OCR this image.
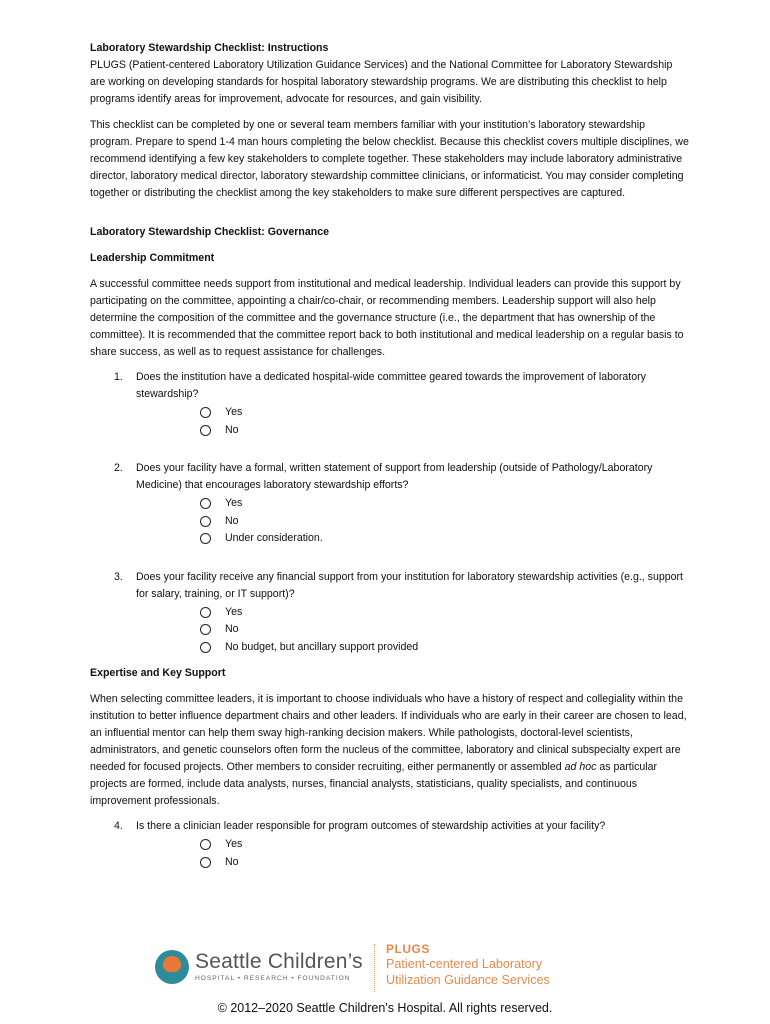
Laboratory Stewardship Checklist: Instructions

PLUGS (Patient-centered Laboratory Utilization Guidance Services) and the National Committee for Laboratory Stewardship are working on developing standards for hospital laboratory stewardship programs. We are distributing this checklist to help programs identify areas for improvement, advocate for resources, and gain visibility.

This checklist can be completed by one or several team members familiar with your institution’s laboratory stewardship program. Prepare to spend 1-4 man hours completing the below checklist. Because this checklist covers multiple disciplines, we recommend identifying a few key stakeholders to complete together. These stakeholders may include laboratory administrative director, laboratory medical director, laboratory stewardship committee clinicians, or informaticist. You may consider completing together or distributing the checklist among the key stakeholders to make sure different perspectives are captured.

Laboratory Stewardship Checklist: Governance

Leadership Commitment

A successful committee needs support from institutional and medical leadership. Individual leaders can provide this support by participating on the committee, appointing a chair/co-chair, or recommending members. Leadership support will also help determine the composition of the committee and the governance structure (i.e., the department that has ownership of the committee). It is recommended that the committee report back to both institutional and medical leadership on a regular basis to share success, as well as to request assistance for challenges.

1. Does the institution have a dedicated hospital-wide committee geared towards the improvement of laboratory stewardship?

Yes
No
2. Does your facility have a formal, written statement of support from leadership (outside of Pathology/Laboratory Medicine) that encourages laboratory stewardship efforts?

Yes
No
Under consideration.
3. Does your facility receive any financial support from your institution for laboratory stewardship activities (e.g., support for salary, training, or IT support)?

Yes
No
No budget, but ancillary support provided

Expertise and Key Support

When selecting committee leaders, it is important to choose individuals who have a history of respect and collegiality within the institution to better influence department chairs and other leaders. If individuals who are early in their career are chosen to lead, an influential mentor can help them sway high-ranking decision makers. While pathologists, doctoral-level scientists, administrators, and genetic counselors often form the nucleus of the committee, laboratory and clinical subspecialty expert are needed for focused projects. Other members to consider recruiting, either permanently or assembled ad hoc as particular projects are formed, include data analysts, nurses, financial analysts, statisticians, quality specialists, and continuous improvement professionals.

4. Is there a clinician leader responsible for program outcomes of stewardship activities at your facility?

Yes
No
Seattle Children’s
HOSPITAL • RESEARCH • FOUNDATION
PLUGS
Patient-centered Laboratory
Utilization Guidance Services
© 2012–2020 Seattle Children's Hospital. All rights reserved.
